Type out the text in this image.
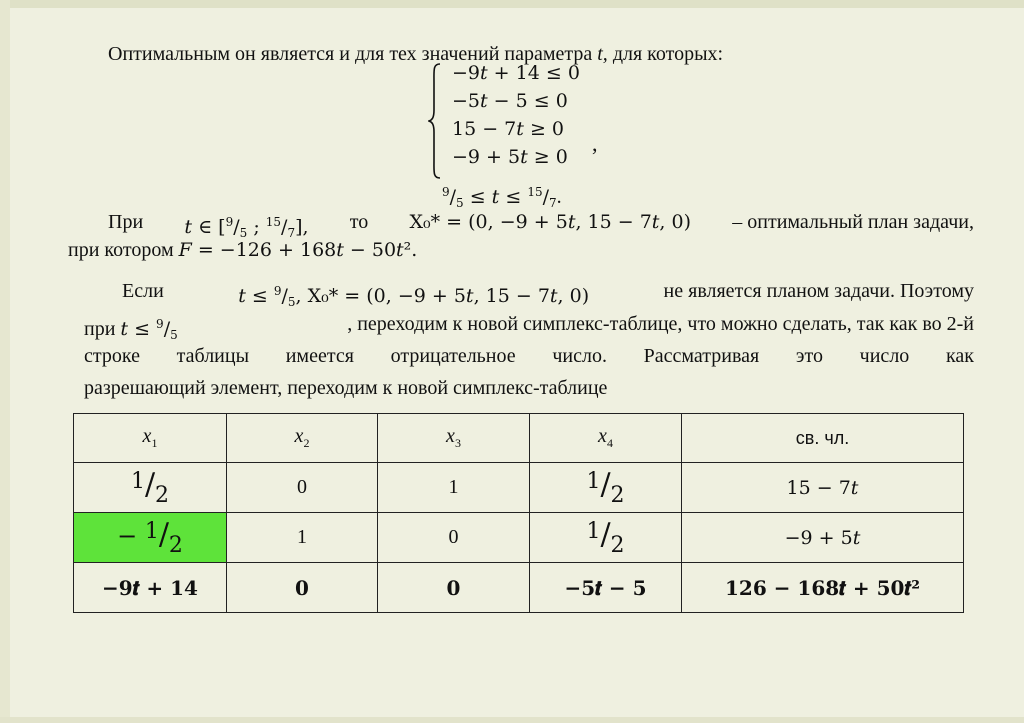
Оптимальным он является и для тех значений параметра t, для которых:
−9𝑡 + 14 ≤ 0
−5𝑡 − 5 ≤ 0
15 − 7𝑡 ≥ 0
−9 + 5𝑡 ≥ 0
,
$^9/_5$ ≤ 𝑡 ≤ $^{15}/_7$.
При 𝑡 ∈ [$^9/_5$ ; $^{15}/_7$], то X₀* = (0, −9 + 5𝑡, 15 − 7𝑡, 0) – оптимальный план задачи,
при котором 𝐹 = −126 + 168𝑡 − 50𝑡².
Если	𝑡 ≤ $^9/_5$, X₀* = (0, −9 + 5𝑡, 15 − 7𝑡, 0)	не является планом задачи. Поэтому
при 𝑡 ≤ $^9/_5$	, переходим к новой симплекс-таблице, что можно сделать, так как во 2-й
строке таблицы имеется отрицательное число. Рассматривая это число как
разрешающий элемент, переходим к новой симплекс-таблице
$x_1$	$x_2$	$x_3$	$x_4$	св. чл.
$^1/_2$	0	1	$^1/_2$	15 − 7𝑡
− $^1/_2$	1	0	$^1/_2$	−9 + 5𝑡
−9𝒕 + 𝟏𝟒	0	0	−5𝒕 − 𝟓	𝟏𝟐𝟔 − 𝟏𝟔𝟖𝒕 + 𝟓𝟎𝒕²
